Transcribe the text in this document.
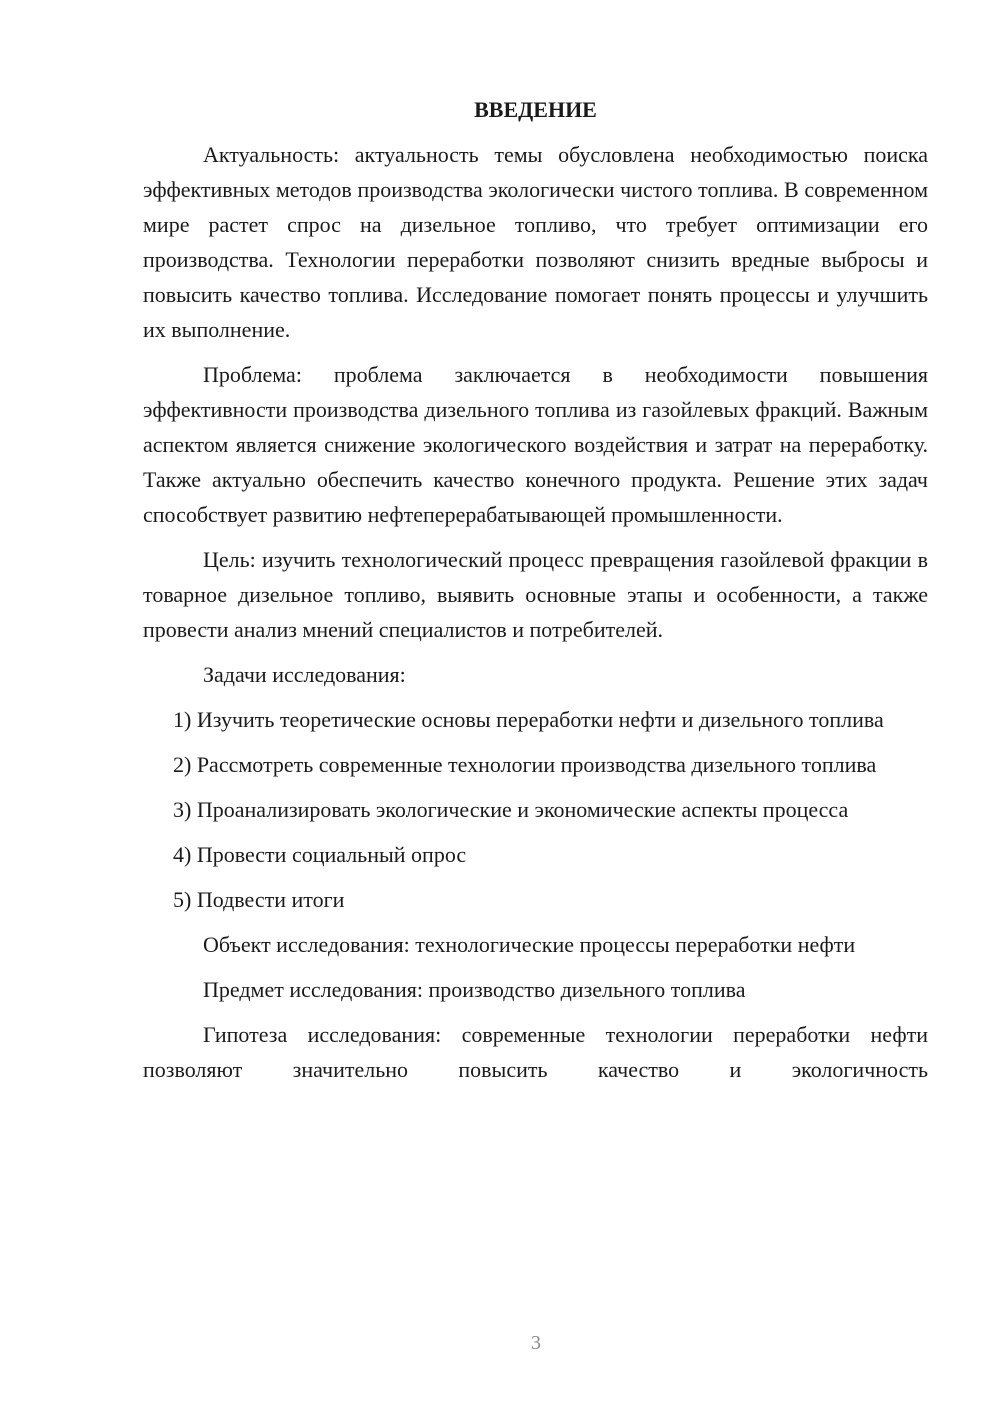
ВВЕДЕНИЕ

Актуальность: актуальность темы обусловлена необходимостью поиска эффективных методов производства экологически чистого топлива. В современном мире растет спрос на дизельное топливо, что требует оптимизации его производства. Технологии переработки позволяют снизить вредные выбросы и повысить качество топлива. Исследование помогает понять процессы и улучшить их выполнение.

Проблема: проблема заключается в необходимости повышения эффективности производства дизельного топлива из газойлевых фракций. Важным аспектом является снижение экологического воздействия и затрат на переработку. Также актуально обеспечить качество конечного продукта. Решение этих задач способствует развитию нефтеперерабатывающей промышленности.

Цель: изучить технологический процесс превращения газойлевой фракции в товарное дизельное топливо, выявить основные этапы и особенности, а также провести анализ мнений специалистов и потребителей.

Задачи исследования:

1) Изучить теоретические основы переработки нефти и дизельного топлива

2) Рассмотреть современные технологии производства дизельного топлива

3) Проанализировать экологические и экономические аспекты процесса

4) Провести социальный опрос

5) Подвести итоги

Объект исследования: технологические процессы переработки нефти

Предмет исследования: производство дизельного топлива

Гипотеза исследования: современные технологии переработки нефти позволяют значительно повысить качество и экологичность

3
